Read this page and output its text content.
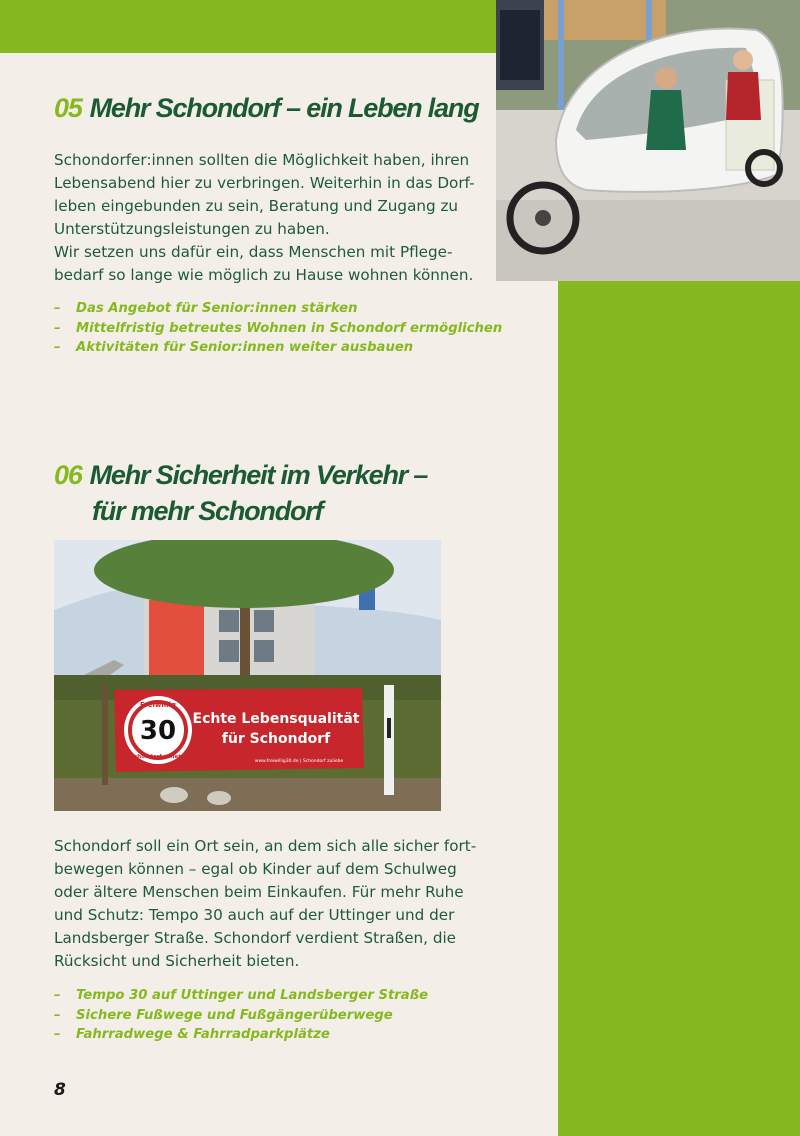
05 Mehr Schondorf – ein Leben lang
Schondorfer:innen sollten die Möglichkeit haben, ihren
Lebensabend hier zu verbringen. Weiterhin in das Dorf-
leben eingebunden zu sein, Beratung und Zugang zu
Unterstützungsleistungen zu haben.
Wir setzen uns dafür ein, dass Menschen mit Pflege-
bedarf so lange wie möglich zu Hause wohnen können.
– Das Angebot für Senior:innen stärken
– Mittelfristig betreutes Wohnen in Schondorf ermöglichen
– Aktivitäten für Senior:innen weiter ausbauen
06 Mehr Sicherheit im Verkehr –
für mehr Schondorf
Freiwillig
30
Schondorf zuliebe
Echte Lebensqualität
für Schondorf
www.freiwillig30.de | Schondorf zuliebe
Schondorf soll ein Ort sein, an dem sich alle sicher fort-
bewegen können – egal ob Kinder auf dem Schulweg
oder ältere Menschen beim Einkaufen. Für mehr Ruhe
und Schutz: Tempo 30 auch auf der Uttinger und der
Landsberger Straße. Schondorf verdient Straßen, die
Rücksicht und Sicherheit bieten.
– Tempo 30 auf Uttinger und Landsberger Straße
– Sichere Fußwege und Fußgängerüberwege
– Fahrradwege & Fahrradparkplätze
8
